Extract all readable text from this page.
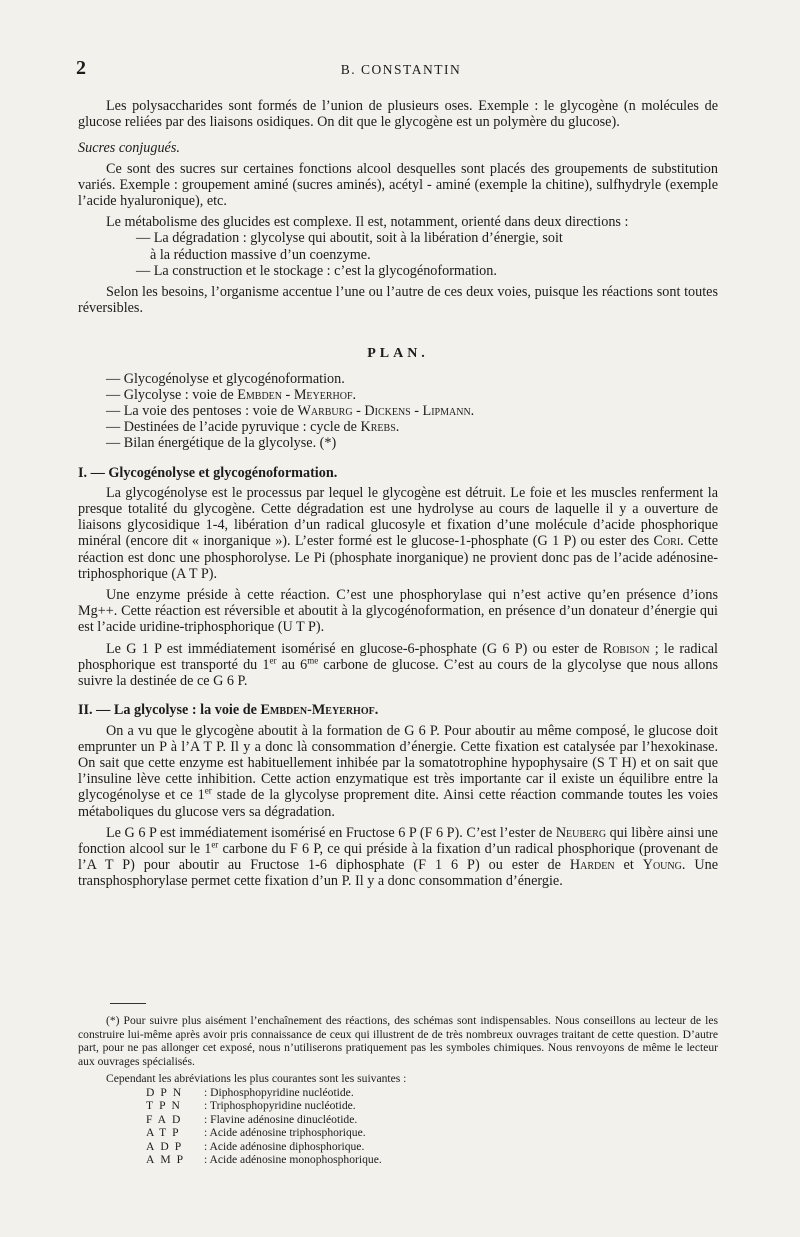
2	B. CONSTANTIN

Les polysaccharides sont formés de l’union de plusieurs oses. Exemple : le glycogène (n molécules de glucose reliées par des liaisons osidiques. On dit que le glycogène est un polymère du glucose).

Sucres conjugués.

Ce sont des sucres sur certaines fonctions alcool desquelles sont placés des groupements de substitution variés. Exemple : groupement aminé (sucres aminés), acétyl - aminé (exemple la chitine), sulfhydryle (exemple l’acide hyaluronique), etc.

Le métabolisme des glucides est complexe. Il est, notamment, orienté dans deux directions :

— La dégradation : glycolyse qui aboutit, soit à la libération d’énergie, soit
à la réduction massive d’un coenzyme.

— La construction et le stockage : c’est la glycogénoformation.

Selon les besoins, l’organisme accentue l’une ou l’autre de ces deux voies, puisque les réactions sont toutes réversibles.

PLAN.

— Glycogénolyse et glycogénoformation.

— Glycolyse : voie de Embden - Meyerhof.

— La voie des pentoses : voie de Warburg - Dickens - Lipmann.

— Destinées de l’acide pyruvique : cycle de Krebs.

— Bilan énergétique de la glycolyse. (*)

I. — Glycogénolyse et glycogénoformation.

La glycogénolyse est le processus par lequel le glycogène est détruit. Le foie et les muscles renferment la presque totalité du glycogène. Cette dégradation est une hydrolyse au cours de laquelle il y a ouverture de liaisons glycosidique 1-4, libération d’un radical glucosyle et fixation d’une molécule d’acide phosphorique minéral (encore dit « inorganique »). L’ester formé est le glucose-1-phosphate (G 1 P) ou ester des Cori. Cette réaction est donc une phosphorolyse. Le Pi (phosphate inorganique) ne provient donc pas de l’acide adénosine-triphosphorique (A T P).

Une enzyme préside à cette réaction. C’est une phosphorylase qui n’est active qu’en présence d’ions Mg++. Cette réaction est réversible et aboutit à la glycogénoformation, en présence d’un donateur d’énergie qui est l’acide uridine-triphosphorique (U T P).

Le G 1 P est immédiatement isomérisé en glucose-6-phosphate (G 6 P) ou ester de Robison ; le radical phosphorique est transporté du 1er au $6^{me}$ carbone de glucose. C’est au cours de la glycolyse que nous allons suivre la destinée de ce G 6 P.

II. — La glycolyse : la voie de Embden-Meyerhof.

On a vu que le glycogène aboutit à la formation de G 6 P. Pour aboutir au même composé, le glucose doit emprunter un P à l’A T P. Il y a donc là consommation d’énergie. Cette fixation est catalysée par l’hexokinase. On sait que cette enzyme est habituellement inhibée par la somatotrophine hypophysaire (S T H) et on sait que l’insuline lève cette inhibition. Cette action enzymatique est très importante car il existe un équilibre entre la glycogénolyse et ce 1er stade de la glycolyse proprement dite. Ainsi cette réaction commande toutes les voies métaboliques du glucose vers sa dégradation.

Le G 6 P est immédiatement isomérisé en Fructose 6 P (F 6 P). C’est l’ester de Neuberg qui libère ainsi une fonction alcool sur le 1er carbone du F 6 P, ce qui préside à la fixation d’un radical phosphorique (provenant de l’A T P) pour aboutir au Fructose 1-6 diphosphate (F 1 6 P) ou ester de Harden et Young. Une transphosphorylase permet cette fixation d’un P. Il y a donc consommation d’énergie.

(*) Pour suivre plus aisément l’enchaînement des réactions, des schémas sont indispensables. Nous conseillons au lecteur de les construire lui-même après avoir pris connaissance de ceux qui illustrent de de très nombreux ouvrages traitant de cette question. D’autre part, pour ne pas allonger cet exposé, nous n’utiliserons pratiquement pas les symboles chimiques. Nous renvoyons de même le lecteur aux ouvrages spécialisés.

Cependant les abréviations les plus courantes sont les suivantes :

DPN	: Diphosphopyridine nucléotide.
TPN	: Triphosphopyridine nucléotide.
FAD	: Flavine adénosine dinucléotide.
ATP	: Acide adénosine triphosphorique.
ADP	: Acide adénosine diphosphorique.
AMP	: Acide adénosine monophosphorique.
